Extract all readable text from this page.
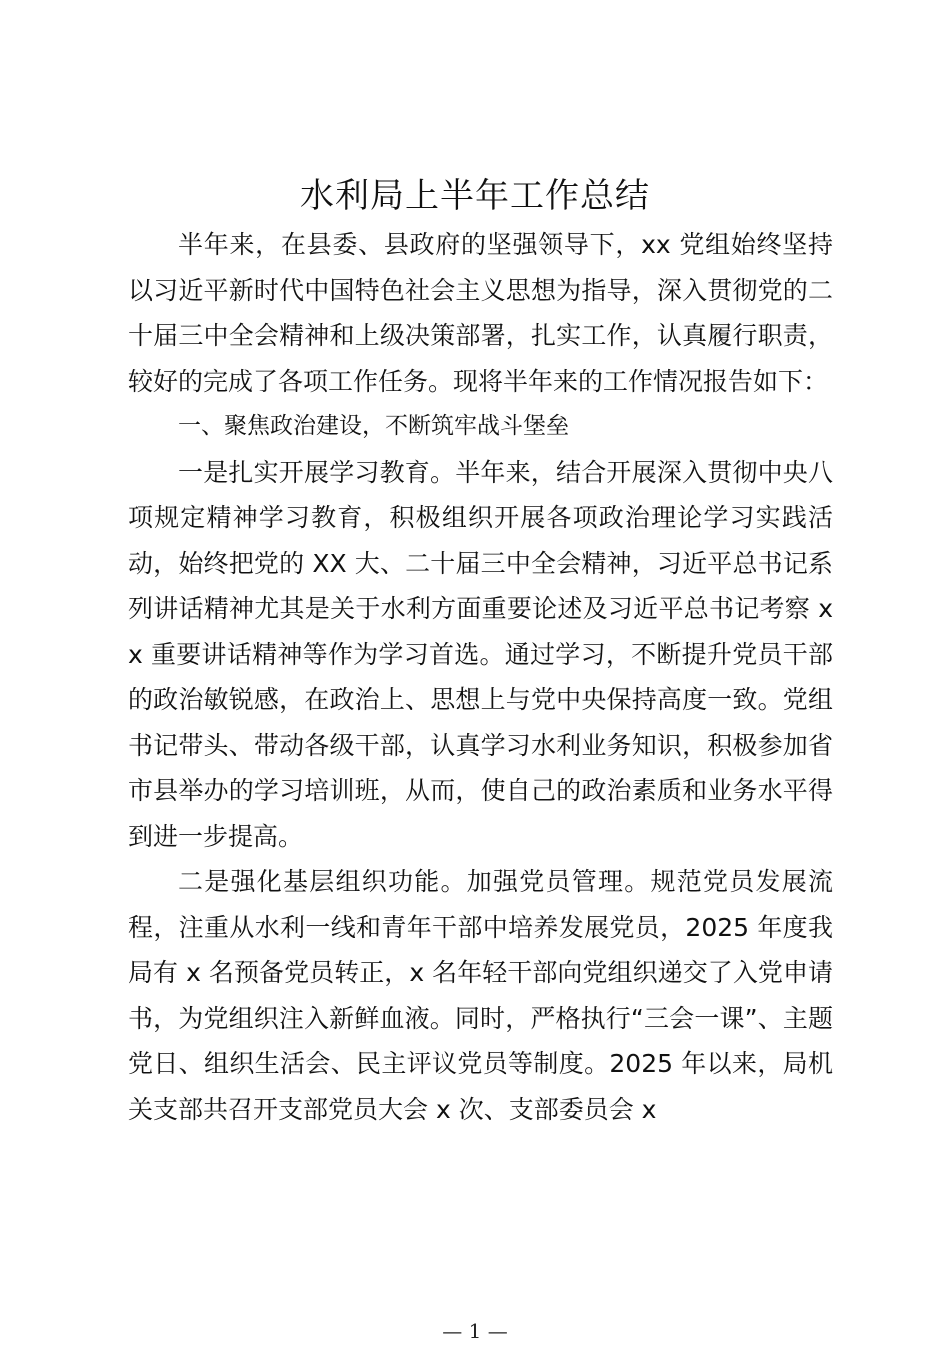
水利局上半年工作总结

半年来，在县委、县政府的坚强领导下，xx 党组始终坚持以习近平新时代中国特色社会主义思想为指导，深入贯彻党的二十届三中全会精神和上级决策部署，扎实工作，认真履行职责，较好的完成了各项工作任务。现将半年来的工作情况报告如下：

一、聚焦政治建设，不断筑牢战斗堡垒

一是扎实开展学习教育。半年来，结合开展深入贯彻中央八项规定精神学习教育，积极组织开展各项政治理论学习实践活动，始终把党的 XX 大、二十届三中全会精神，习近平总书记系列讲话精神尤其是关于水利方面重要论述及习近平总书记考察 xx 重要讲话精神等作为学习首选。通过学习，不断提升党员干部的政治敏锐感，在政治上、思想上与党中央保持高度一致。党组书记带头、带动各级干部，认真学习水利业务知识，积极参加省市县举办的学习培训班，从而，使自己的政治素质和业务水平得到进一步提高。

二是强化基层组织功能。加强党员管理。规范党员发展流程，注重从水利一线和青年干部中培养发展党员，2025 年度我局有 x 名预备党员转正，x 名年轻干部向党组织递交了入党申请书，为党组织注入新鲜血液。同时，严格执行“三会一课”、主题党日、组织生活会、民主评议党员等制度。2025 年以来，局机关支部共召开支部党员大会 x 次、支部委员会 x

— 1 —
